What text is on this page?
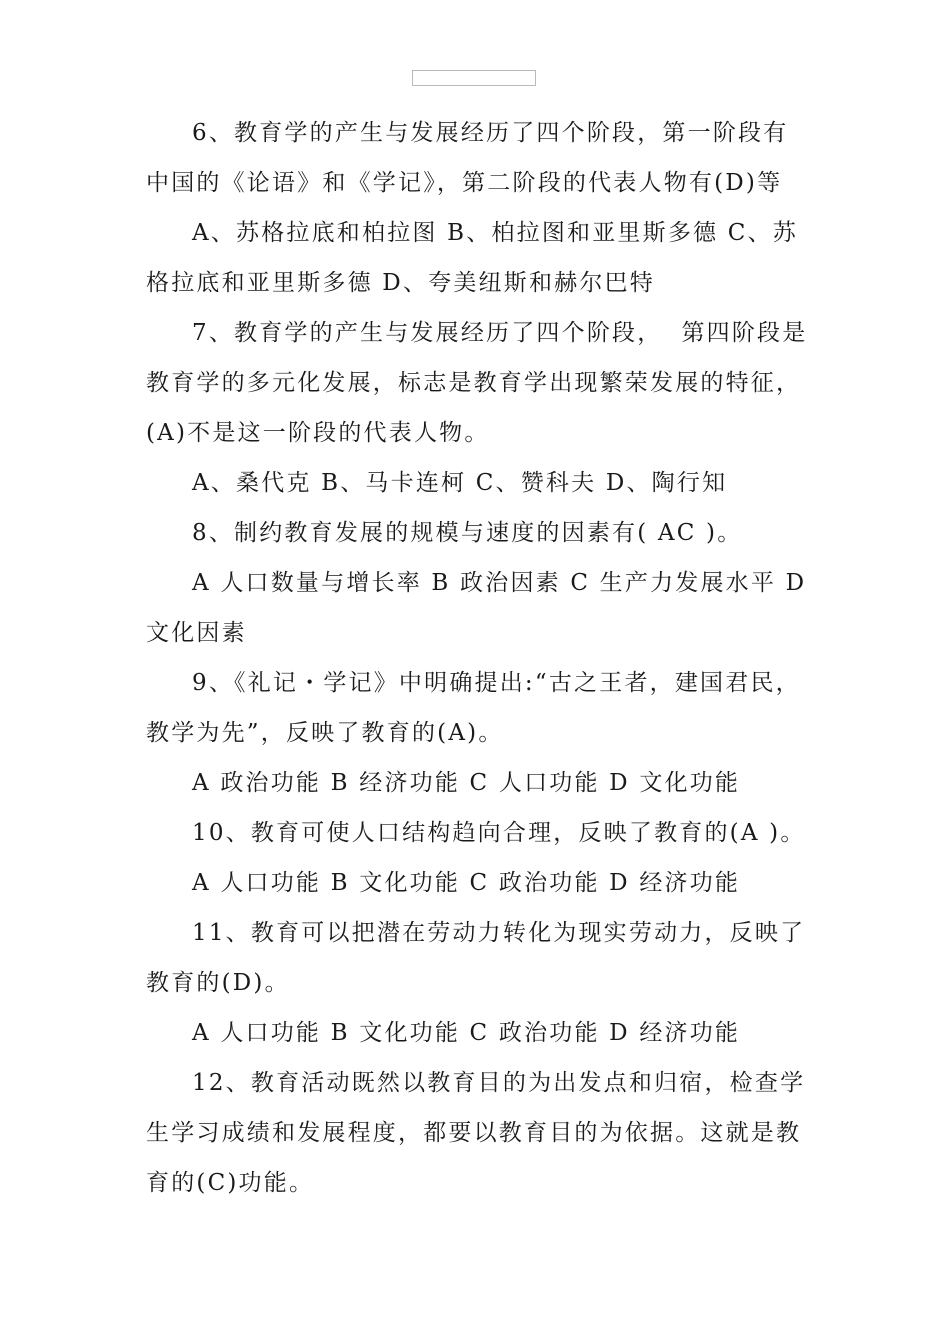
6、教育学的产生与发展经历了四个阶段，第一阶段有中国的《论语》和《学记》，第二阶段的代表人物有(D)等

A、苏格拉底和柏拉图 B、柏拉图和亚里斯多德 C、苏格拉底和亚里斯多德 D、夸美纽斯和赫尔巴特

7、教育学的产生与发展经历了四个阶段，  第四阶段是教育学的多元化发展，标志是教育学出现繁荣发展的特征，(A)不是这一阶段的代表人物。

A、桑代克 B、马卡连柯 C、赞科夫 D、陶行知

8、制约教育发展的规模与速度的因素有( AC )。

A 人口数量与增长率 B 政治因素 C 生产力发展水平 D 文化因素

9、《礼记・学记》中明确提出:“古之王者，建国君民，教学为先”，反映了教育的(A)。

A 政治功能 B 经济功能 C 人口功能 D 文化功能

10、教育可使人口结构趋向合理，反映了教育的(A )。

A 人口功能 B 文化功能 C 政治功能 D 经济功能

11、教育可以把潜在劳动力转化为现实劳动力，反映了教育的(D)。

A 人口功能 B 文化功能 C 政治功能 D 经济功能

12、教育活动既然以教育目的为出发点和归宿，检查学生学习成绩和发展程度，都要以教育目的为依据。这就是教育的(C)功能。
